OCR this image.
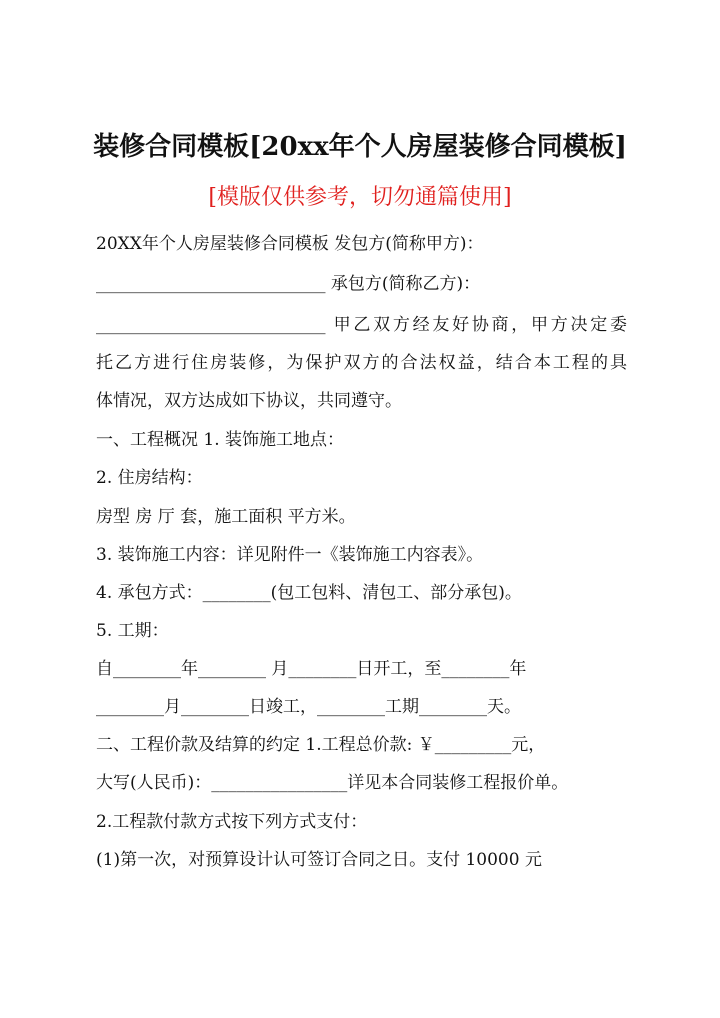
装修合同模板[20xx年个人房屋装修合同模板]
[模版仅供参考，切勿通篇使用]
20XX年个人房屋装修合同模板 发包方(简称甲方)：
___________________________ 承包方(简称乙方)：
___________________________ 甲乙双方经友好协商，甲方决定委
托乙方进行住房装修，为保护双方的合法权益，结合本工程的具
体情况，双方达成如下协议，共同遵守。
一、工程概况 1. 装饰施工地点：
2. 住房结构：
房型 房 厅 套，施工面积 平方米。
3. 装饰施工内容：详见附件一《装饰施工内容表》。
4. 承包方式：________(包工包料、清包工、部分承包)。
5. 工期：
自________年________ 月________日开工，至________年
________月________日竣工，________工期________天。
二、工程价款及结算的约定 1.工程总价款: ￥_________元，
大写(人民币)：________________详见本合同装修工程报价单。
2.工程款付款方式按下列方式支付：
(1)第一次，对预算设计认可签订合同之日。支付 10000 元
